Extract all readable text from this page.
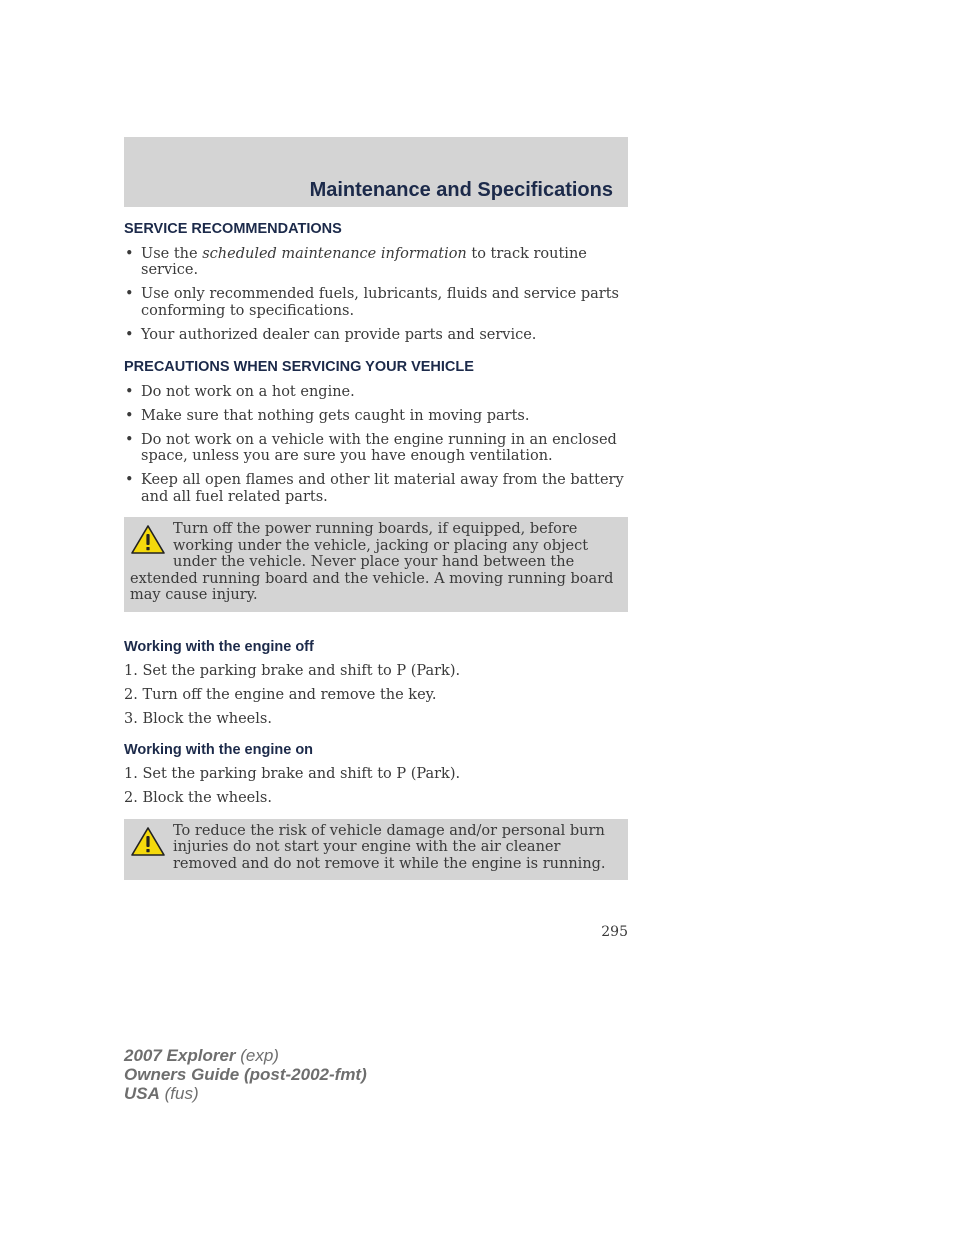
Maintenance and Specifications
SERVICE RECOMMENDATIONS
• Use the scheduled maintenance information to track routine service.
• Use only recommended fuels, lubricants, fluids and service parts conforming to specifications.
• Your authorized dealer can provide parts and service.
PRECAUTIONS WHEN SERVICING YOUR VEHICLE
• Do not work on a hot engine.
• Make sure that nothing gets caught in moving parts.
• Do not work on a vehicle with the engine running in an enclosed space, unless you are sure you have enough ventilation.
• Keep all open flames and other lit material away from the battery and all fuel related parts.

Turn off the power running boards, if equipped, before working under the vehicle, jacking or placing any object under the vehicle. Never place your hand between the extended running board and the vehicle. A moving running board may cause injury.

Working with the engine off
1. Set the parking brake and shift to P (Park).
2. Turn off the engine and remove the key.
3. Block the wheels.
Working with the engine on
1. Set the parking brake and shift to P (Park).
2. Block the wheels.

To reduce the risk of vehicle damage and/or personal burn injuries do not start your engine with the air cleaner removed and do not remove it while the engine is running.

295
2007 Explorer (exp)
Owners Guide (post-2002-fmt)
USA (fus)
